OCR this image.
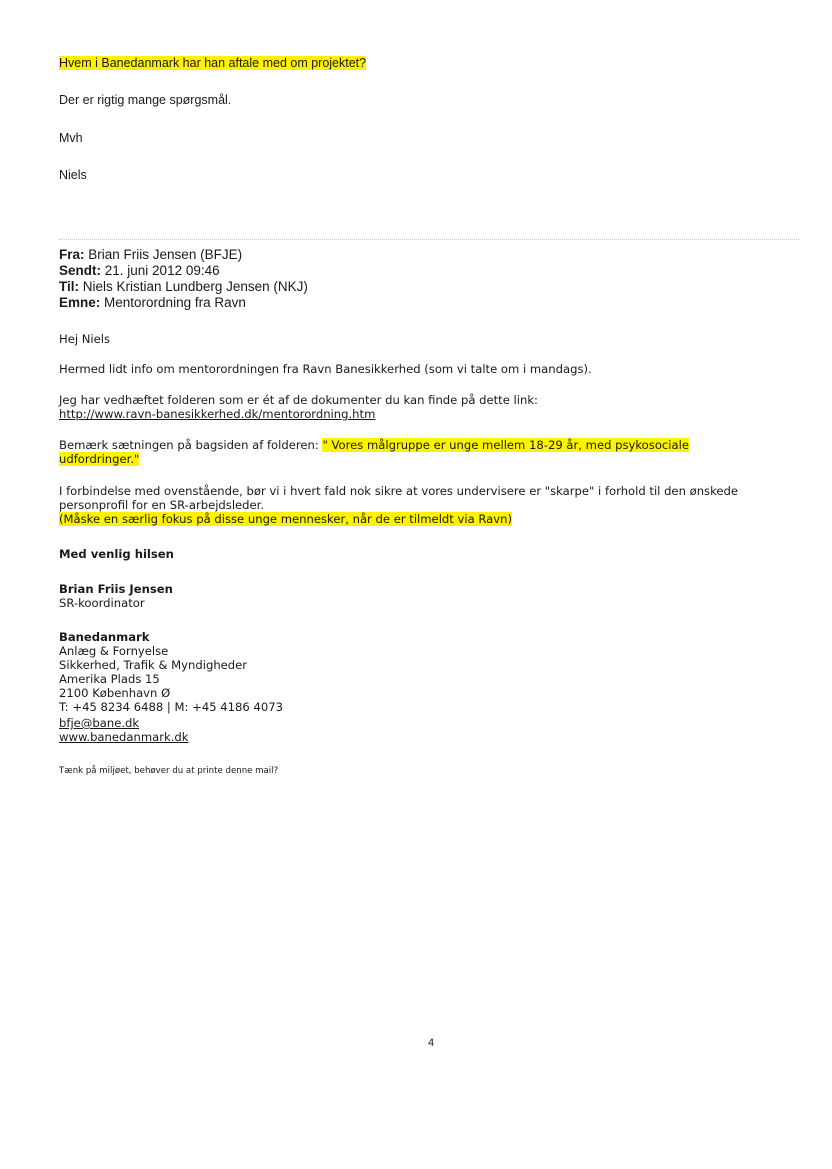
Hvem i Banedanmark har han aftale med om projektet?
Der er rigtig mange spørgsmål.
Mvh
Niels
Fra: Brian Friis Jensen (BFJE)
Sendt: 21. juni 2012 09:46
Til: Niels Kristian Lundberg Jensen (NKJ)
Emne: Mentorordning fra Ravn
Hej Niels
Hermed lidt info om mentorordningen fra Ravn Banesikkerhed (som vi talte om i mandags).
Jeg har vedhæftet folderen som er ét af de dokumenter du kan finde på dette link:
http://www.ravn-banesikkerhed.dk/mentorordning.htm
Bemærk sætningen på bagsiden af folderen: " Vores målgruppe er unge mellem 18-29 år, med psykosociale
udfordringer."
I forbindelse med ovenstående, bør vi i hvert fald nok sikre at vores undervisere er "skarpe" i forhold til den ønskede
personprofil for en SR-arbejdsleder.
(Måske en særlig fokus på disse unge mennesker, når de er tilmeldt via Ravn)
Med venlig hilsen
Brian Friis Jensen
SR-koordinator
Banedanmark
Anlæg & Fornyelse
Sikkerhed, Trafik & Myndigheder
Amerika Plads 15
2100 København Ø
T: +45 8234 6488 | M: +45 4186 4073
bfje@bane.dk
www.banedanmark.dk
Tænk på miljøet, behøver du at printe denne mail?
4
